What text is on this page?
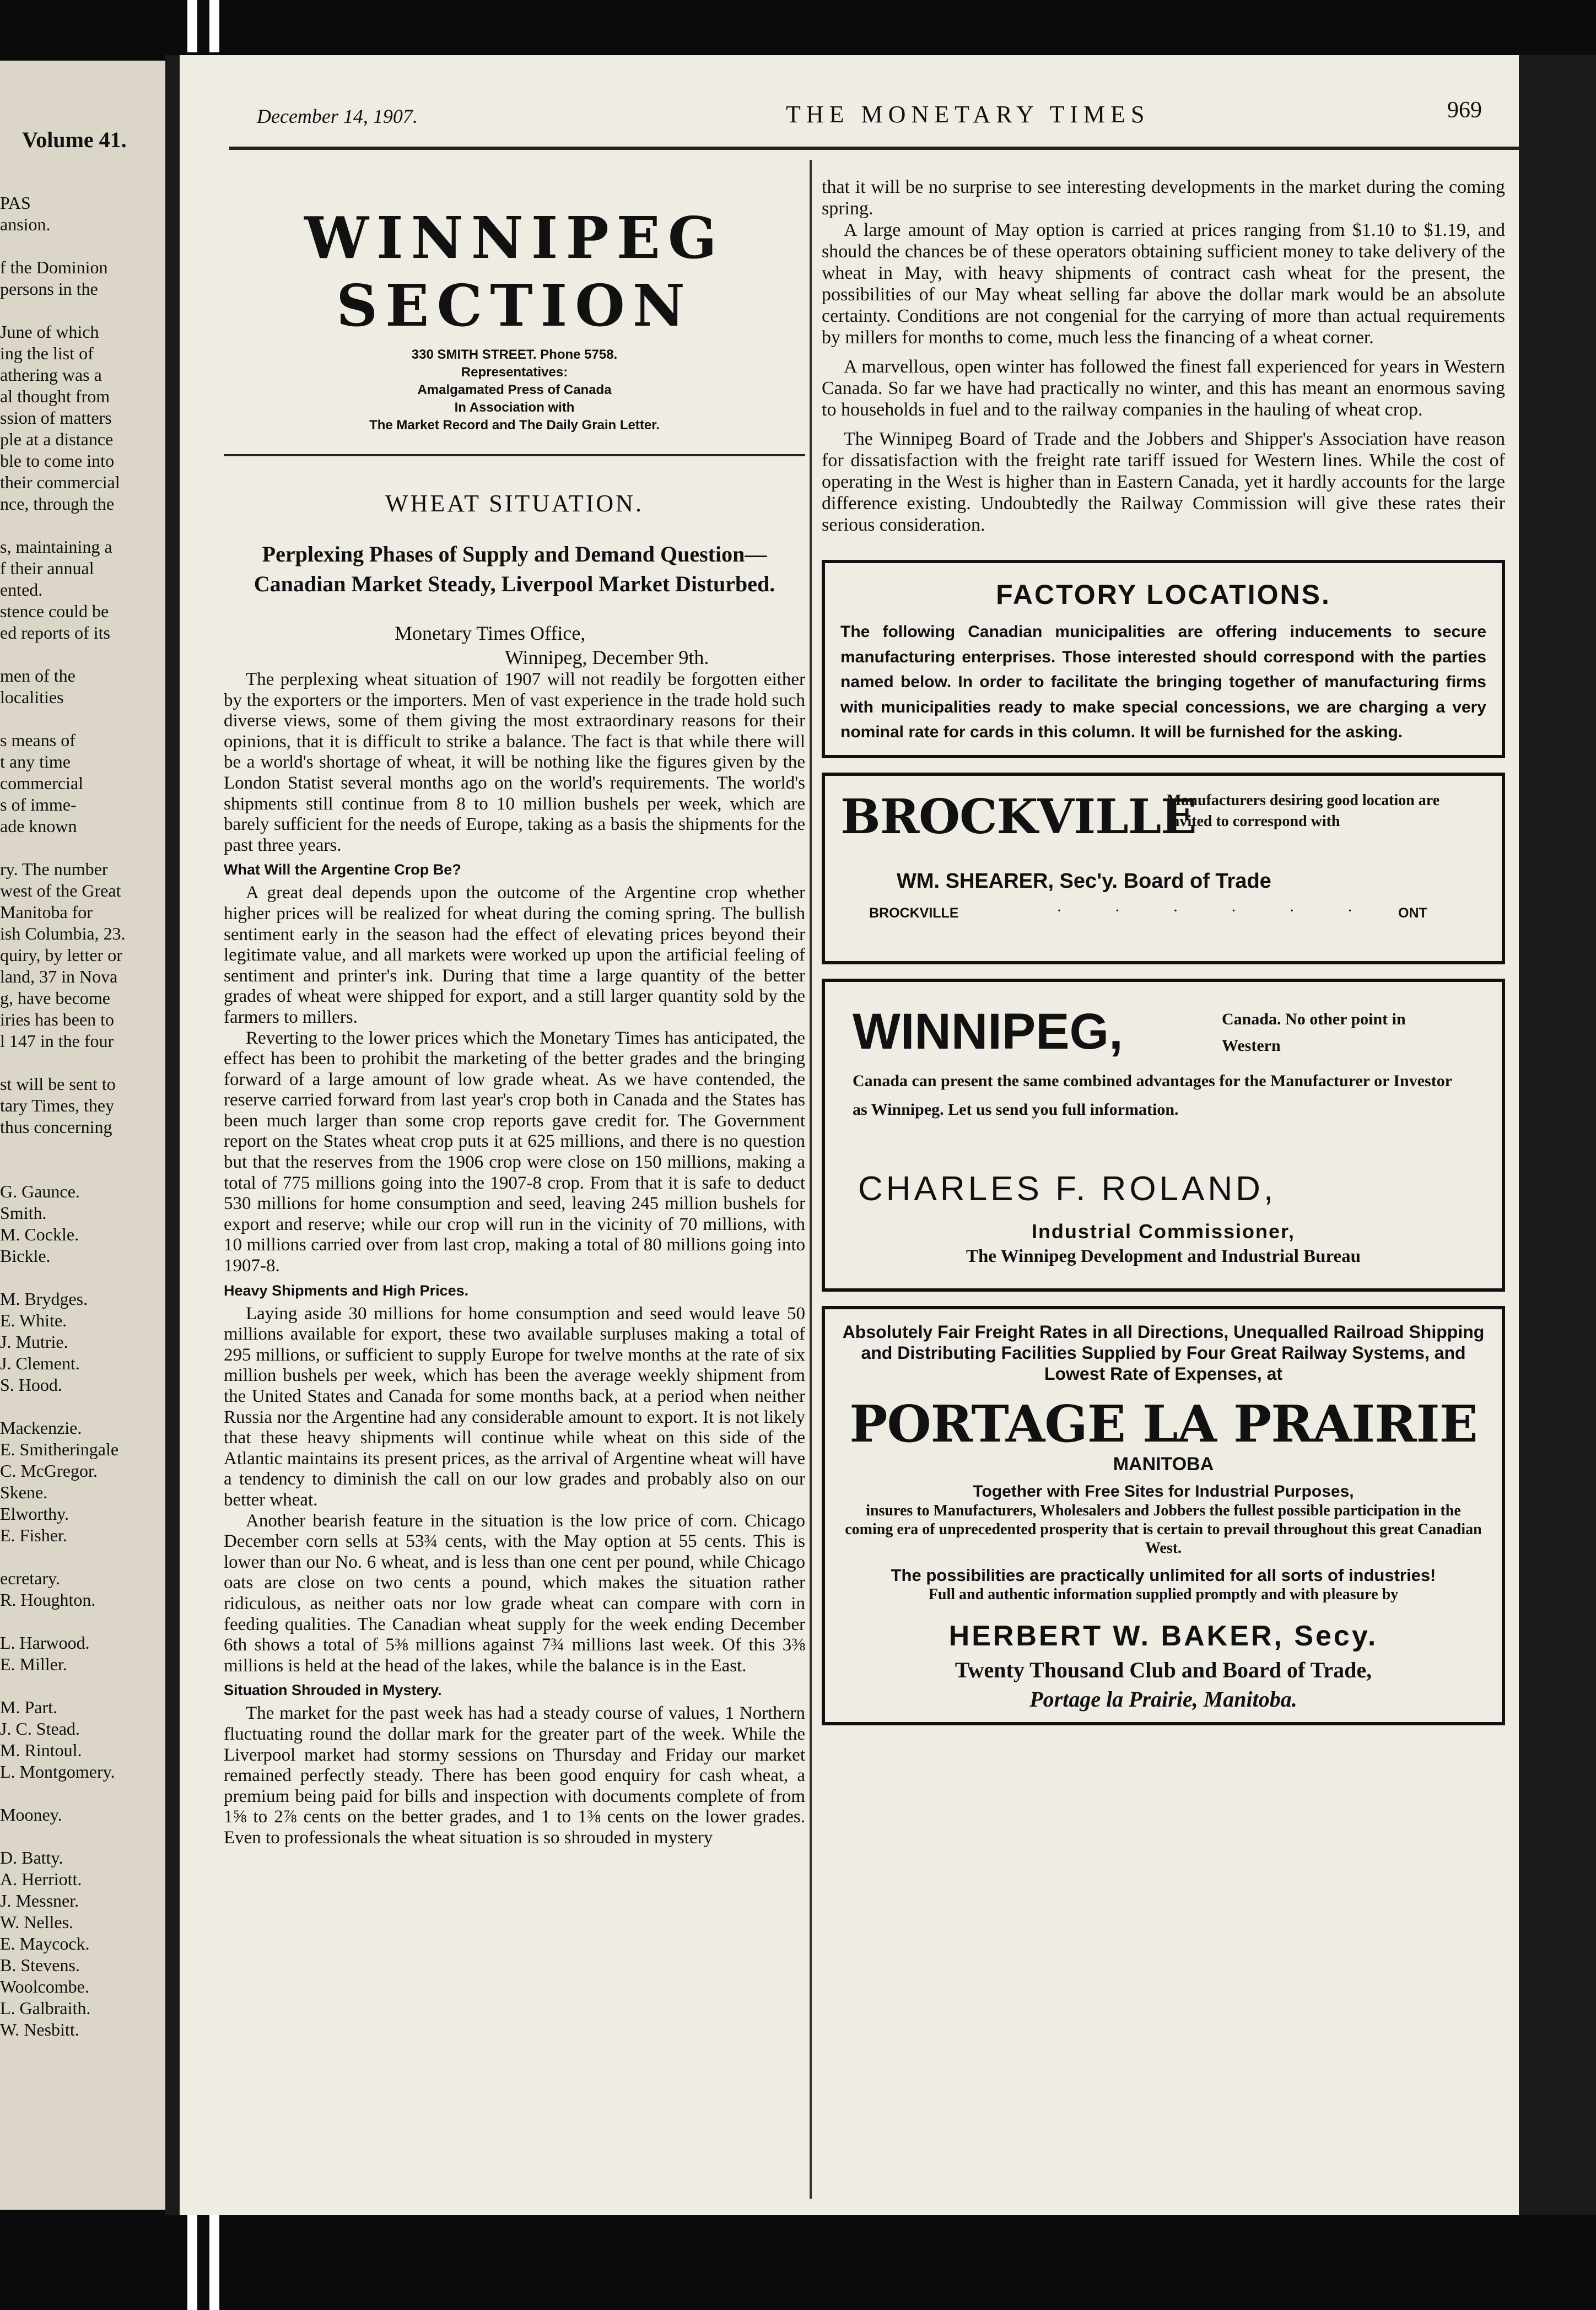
Volume 41.
PAS
ansion.
f the Dominion
persons in the
June of which
ing the list of
athering was a
al thought from
ssion of matters
ple at a distance
ble to come into
their commercial
nce, through the
s, maintaining a
f their annual
ented.
stence could be
ed reports of its
men of the
localities
s means of
t any time
commercial
s of imme-
ade known
ry. The number
west of the Great
Manitoba for
ish Columbia, 23.
quiry, by letter or
land, 37 in Nova
g, have become
iries has been to
l 147 in the four
st will be sent to
tary Times, they
thus concerning
G. Gaunce.
Smith.
M. Cockle.
Bickle.
M. Brydges.
E. White.
J. Mutrie.
J. Clement.
S. Hood.
Mackenzie.
E. Smitheringale
C. McGregor.
Skene.
Elworthy.
E. Fisher.
ecretary.
R. Houghton.
L. Harwood.
E. Miller.
M. Part.
J. C. Stead.
M. Rintoul.
L. Montgomery.
Mooney.
D. Batty.
A. Herriott.
J. Messner.
W. Nelles.
E. Maycock.
B. Stevens.
Woolcombe.
L. Galbraith.
W. Nesbitt.
December 14, 1907.	THE MONETARY TIMES	969
WINNIPEG SECTION
330 SMITH STREET. Phone 5758.
Representatives:
Amalgamated Press of Canada
In Association with
The Market Record and The Daily Grain Letter.
WHEAT SITUATION.
Perplexing Phases of Supply and Demand Question—Canadian Market Steady, Liverpool Market Disturbed.
Monetary Times Office,
Winnipeg, December 9th.

The perplexing wheat situation of 1907 will not readily be forgotten either by the exporters or the importers. Men of vast experience in the trade hold such diverse views, some of them giving the most extraordinary reasons for their opinions, that it is difficult to strike a balance. The fact is that while there will be a world's shortage of wheat, it will be nothing like the figures given by the London Statist several months ago on the world's requirements. The world's shipments still continue from 8 to 10 million bushels per week, which are barely sufficient for the needs of Europe, taking as a basis the shipments for the past three years.

What Will the Argentine Crop Be?

A great deal depends upon the outcome of the Argentine crop whether higher prices will be realized for wheat during the coming spring. The bullish sentiment early in the season had the effect of elevating prices beyond their legitimate value, and all markets were worked up upon the artificial feeling of sentiment and printer's ink. During that time a large quantity of the better grades of wheat were shipped for export, and a still larger quantity sold by the farmers to millers.

Reverting to the lower prices which the Monetary Times has anticipated, the effect has been to prohibit the marketing of the better grades and the bringing forward of a large amount of low grade wheat. As we have contended, the reserve carried forward from last year's crop both in Canada and the States has been much larger than some crop reports gave credit for. The Government report on the States wheat crop puts it at 625 millions, and there is no question but that the reserves from the 1906 crop were close on 150 millions, making a total of 775 millions going into the 1907-8 crop. From that it is safe to deduct 530 millions for home consumption and seed, leaving 245 million bushels for export and reserve; while our crop will run in the vicinity of 70 millions, with 10 millions carried over from last crop, making a total of 80 millions going into 1907-8.

Heavy Shipments and High Prices.

Laying aside 30 millions for home consumption and seed would leave 50 millions available for export, these two available surpluses making a total of 295 millions, or sufficient to supply Europe for twelve months at the rate of six million bushels per week, which has been the average weekly shipment from the United States and Canada for some months back, at a period when neither Russia nor the Argentine had any considerable amount to export. It is not likely that these heavy shipments will continue while wheat on this side of the Atlantic maintains its present prices, as the arrival of Argentine wheat will have a tendency to diminish the call on our low grades and probably also on our better wheat.

Another bearish feature in the situation is the low price of corn. Chicago December corn sells at 53¾ cents, with the May option at 55 cents. This is lower than our No. 6 wheat, and is less than one cent per pound, while Chicago oats are close on two cents a pound, which makes the situation rather ridiculous, as neither oats nor low grade wheat can compare with corn in feeding qualities. The Canadian wheat supply for the week ending December 6th shows a total of 5⅜ millions against 7¾ millions last week. Of this 3⅜ millions is held at the head of the lakes, while the balance is in the East.

Situation Shrouded in Mystery.

The market for the past week has had a steady course of values, 1 Northern fluctuating round the dollar mark for the greater part of the week. While the Liverpool market had stormy sessions on Thursday and Friday our market remained perfectly steady. There has been good enquiry for cash wheat, a premium being paid for bills and inspection with documents complete of from 1⅝ to 2⅞ cents on the better grades, and 1 to 1⅜ cents on the lower grades. Even to professionals the wheat situation is so shrouded in mystery

that it will be no surprise to see interesting developments in the market during the coming spring.

A large amount of May option is carried at prices ranging from $1.10 to $1.19, and should the chances be of these operators obtaining sufficient money to take delivery of the wheat in May, with heavy shipments of contract cash wheat for the present, the possibilities of our May wheat selling far above the dollar mark would be an absolute certainty. Conditions are not congenial for the carrying of more than actual requirements by millers for months to come, much less the financing of a wheat corner.

A marvellous, open winter has followed the finest fall experienced for years in Western Canada. So far we have had practically no winter, and this has meant an enormous saving to households in fuel and to the railway companies in the hauling of wheat crop.

The Winnipeg Board of Trade and the Jobbers and Shipper's Association have reason for dissatisfaction with the freight rate tariff issued for Western lines. While the cost of operating in the West is higher than in Eastern Canada, yet it hardly accounts for the large difference existing. Undoubtedly the Railway Commission will give these rates their serious consideration.

FACTORY LOCATIONS.
The following Canadian municipalities are offering inducements to secure manufacturing enterprises. Those interested should correspond with the parties named below. In order to facilitate the bringing together of manufacturing firms with municipalities ready to make special concessions, we are charging a very nominal rate for cards in this column. It will be furnished for the asking.
BROCKVILLE
Manufacturers desiring good location are invited to correspond with
WM. SHEARER, Sec'y. Board of Trade
BROCKVILLE	· · · · · · ONT
WINNIPEG,	Canada. No other point in Western
Canada can present the same combined advantages for the Manufacturer or Investor as Winnipeg. Let us send you full information.
CHARLES F. ROLAND,
Industrial Commissioner,
The Winnipeg Development and Industrial Bureau
Absolutely Fair Freight Rates in all Directions, Unequalled Railroad Shipping and Distributing Facilities Supplied by Four Great Railway Systems, and Lowest Rate of Expenses, at
PORTAGE LA PRAIRIE
MANITOBA
Together with Free Sites for Industrial Purposes,
insures to Manufacturers, Wholesalers and Jobbers the fullest possible participation in the coming era of unprecedented prosperity that is certain to prevail throughout this great Canadian West.
The possibilities are practically unlimited for all sorts of industries!
Full and authentic information supplied promptly and with pleasure by
HERBERT W. BAKER, Secy.
Twenty Thousand Club and Board of Trade,
Portage la Prairie, Manitoba.
